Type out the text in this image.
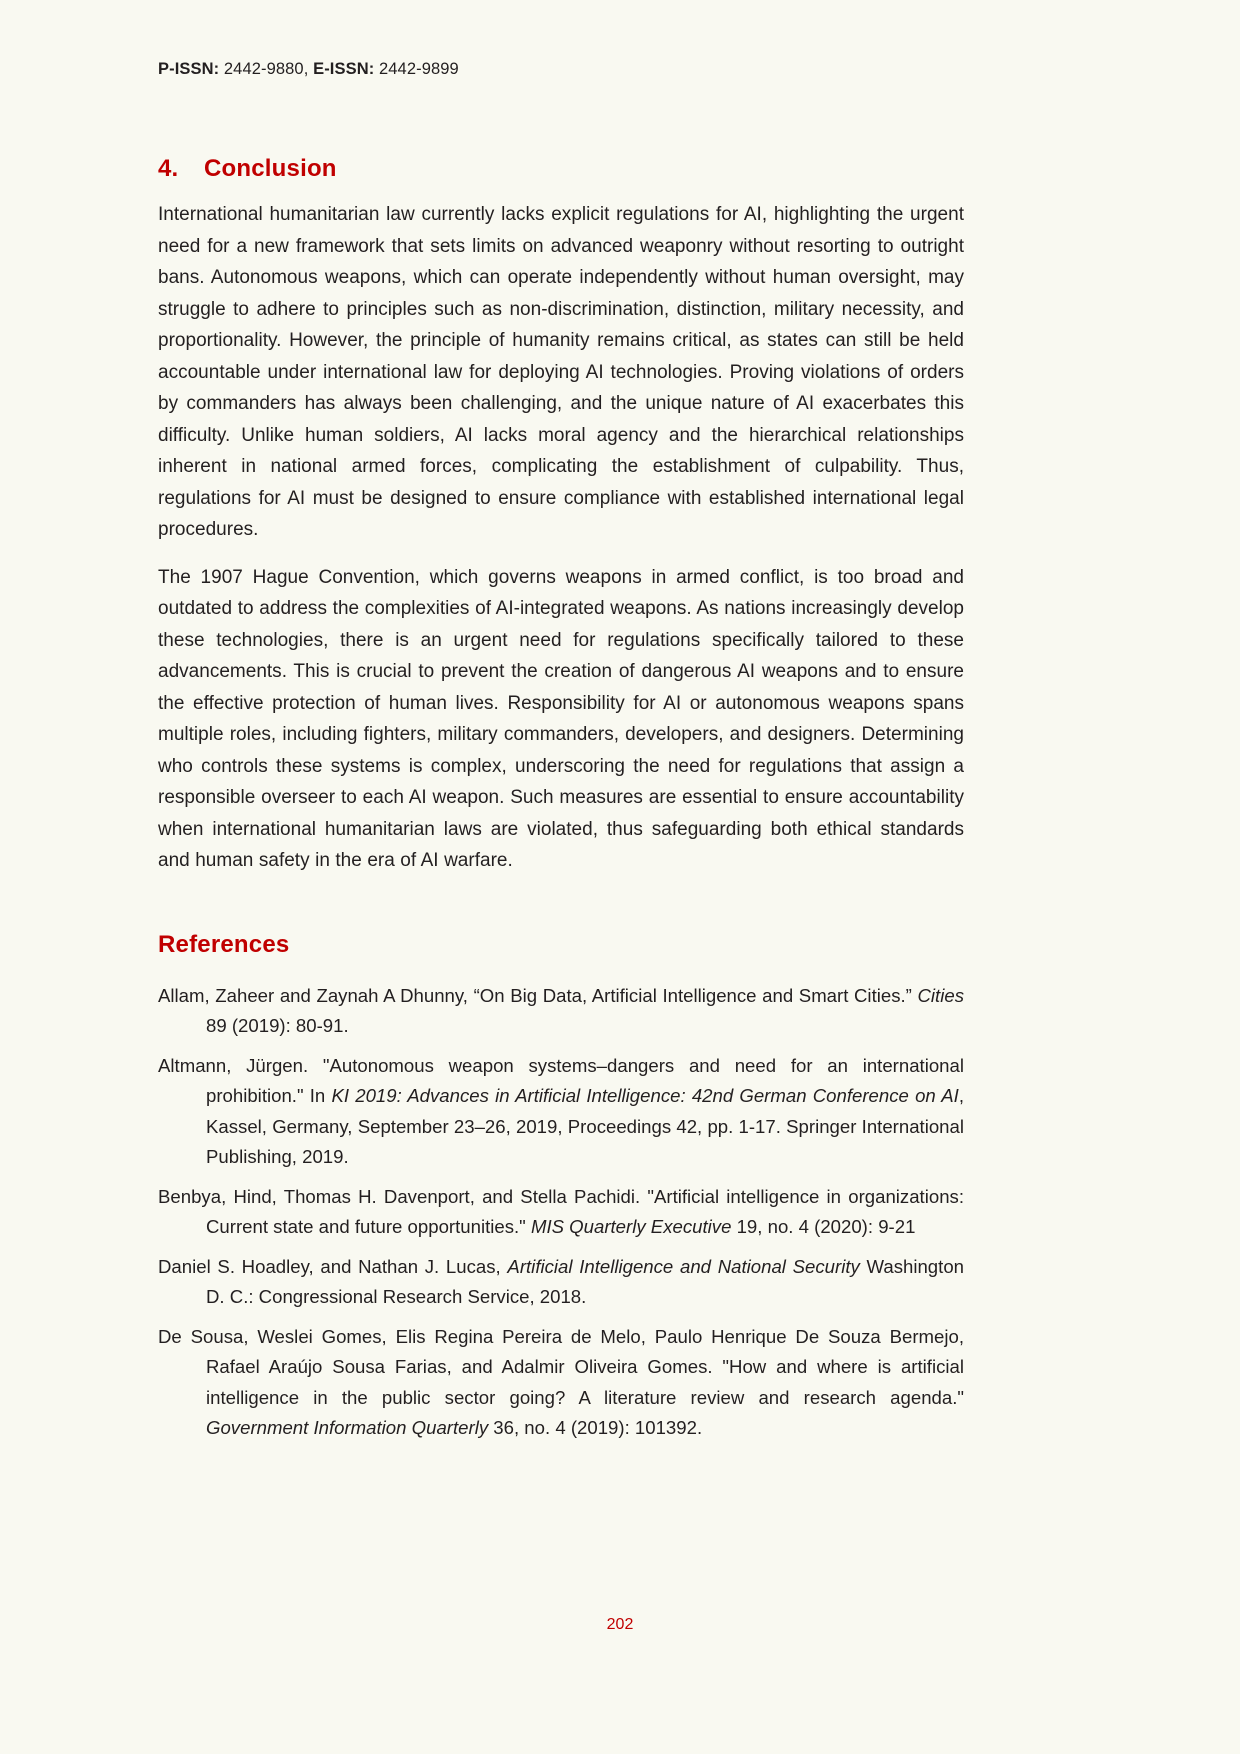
P-ISSN: 2442-9880, E-ISSN: 2442-9899
4.	Conclusion

International humanitarian law currently lacks explicit regulations for AI, highlighting the urgent need for a new framework that sets limits on advanced weaponry without resorting to outright bans. Autonomous weapons, which can operate independently without human oversight, may struggle to adhere to principles such as non-discrimination, distinction, military necessity, and proportionality. However, the principle of humanity remains critical, as states can still be held accountable under international law for deploying AI technologies. Proving violations of orders by commanders has always been challenging, and the unique nature of AI exacerbates this difficulty. Unlike human soldiers, AI lacks moral agency and the hierarchical relationships inherent in national armed forces, complicating the establishment of culpability. Thus, regulations for AI must be designed to ensure compliance with established international legal procedures.

The 1907 Hague Convention, which governs weapons in armed conflict, is too broad and outdated to address the complexities of AI-integrated weapons. As nations increasingly develop these technologies, there is an urgent need for regulations specifically tailored to these advancements. This is crucial to prevent the creation of dangerous AI weapons and to ensure the effective protection of human lives. Responsibility for AI or autonomous weapons spans multiple roles, including fighters, military commanders, developers, and designers. Determining who controls these systems is complex, underscoring the need for regulations that assign a responsible overseer to each AI weapon. Such measures are essential to ensure accountability when international humanitarian laws are violated, thus safeguarding both ethical standards and human safety in the era of AI warfare.

References
Allam, Zaheer and Zaynah A Dhunny, “On Big Data, Artificial Intelligence and Smart Cities.” Cities 89 (2019): 80-91.
Altmann, Jürgen. "Autonomous weapon systems–dangers and need for an international prohibition." In KI 2019: Advances in Artificial Intelligence: 42nd German Conference on AI, Kassel, Germany, September 23–26, 2019, Proceedings 42, pp. 1-17. Springer International Publishing, 2019.
Benbya, Hind, Thomas H. Davenport, and Stella Pachidi. "Artificial intelligence in organizations: Current state and future opportunities." MIS Quarterly Executive 19, no. 4 (2020): 9-21
Daniel S. Hoadley, and Nathan J. Lucas, Artificial Intelligence and National Security Washington D. C.: Congressional Research Service, 2018.
De Sousa, Weslei Gomes, Elis Regina Pereira de Melo, Paulo Henrique De Souza Bermejo, Rafael Araújo Sousa Farias, and Adalmir Oliveira Gomes. "How and where is artificial intelligence in the public sector going? A literature review and research agenda." Government Information Quarterly 36, no. 4 (2019): 101392.
202
